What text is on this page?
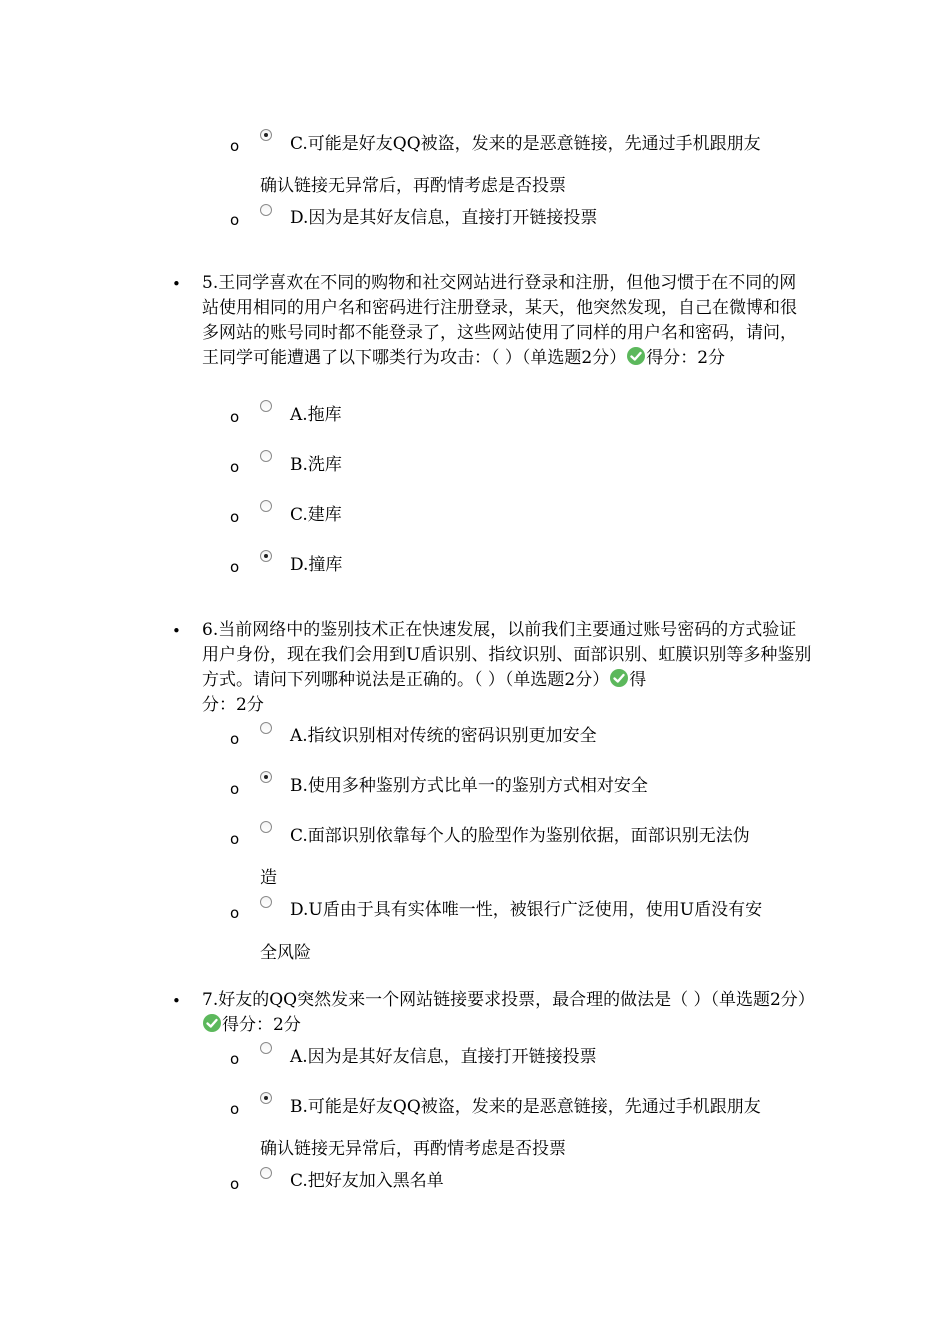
o	C.可能是好友QQ被盗，发来的是恶意链接，先通过手机跟朋友
确认链接无异常后，再酌情考虑是否投票
o	D.因为是其好友信息，直接打开链接投票
• 5.王同学喜欢在不同的购物和社交网站进行登录和注册，但他习惯于在不同的网站使用相同的用户名和密码进行注册登录，某天，他突然发现，自己在微博和很多网站的账号同时都不能登录了，这些网站使用了同样的用户名和密码，请问，王同学可能遭遇了以下哪类行为攻击：（ ）（单选题2分） 得分：2分
o	A.拖库
o	B.洗库
o	C.建库
o	D.撞库
• 6.当前网络中的鉴别技术正在快速发展，以前我们主要通过账号密码的方式验证用户身份，现在我们会用到U盾识别、指纹识别、面部识别、虹膜识别等多种鉴别方式。请问下列哪种说法是正确的。（ ）（单选题2分） 得
分：2分
o	A.指纹识别相对传统的密码识别更加安全
o	B.使用多种鉴别方式比单一的鉴别方式相对安全
o	C.面部识别依靠每个人的脸型作为鉴别依据，面部识别无法伪
造
o	D.U盾由于具有实体唯一性，被银行广泛使用，使用U盾没有安
全风险
• 7.好友的QQ突然发来一个网站链接要求投票，最合理的做法是（ ）（单选题2分）
得分：2分
o	A.因为是其好友信息，直接打开链接投票
o	B.可能是好友QQ被盗，发来的是恶意链接，先通过手机跟朋友
确认链接无异常后，再酌情考虑是否投票
o	C.把好友加入黑名单
